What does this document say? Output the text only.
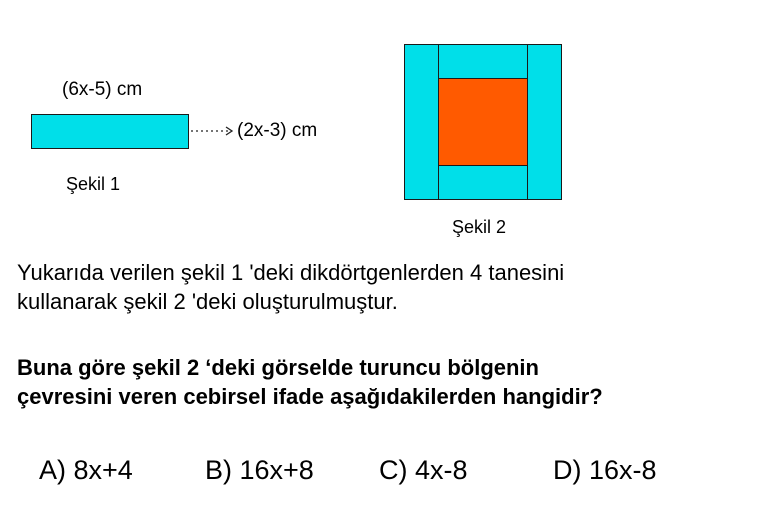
(6x-5) cm
(2x-3) cm
Şekil 1
Şekil 2
Yukarıda verilen şekil 1 'deki dikdörtgenlerden 4 tanesini
kullanarak şekil 2 'deki oluşturulmuştur.
Buna göre şekil 2 ‘deki görselde turuncu bölgenin
çevresini veren cebirsel ifade aşağıdakilerden hangidir?
A) 8x+4	B) 16x+8 C) 4x-8	D) 16x-8
